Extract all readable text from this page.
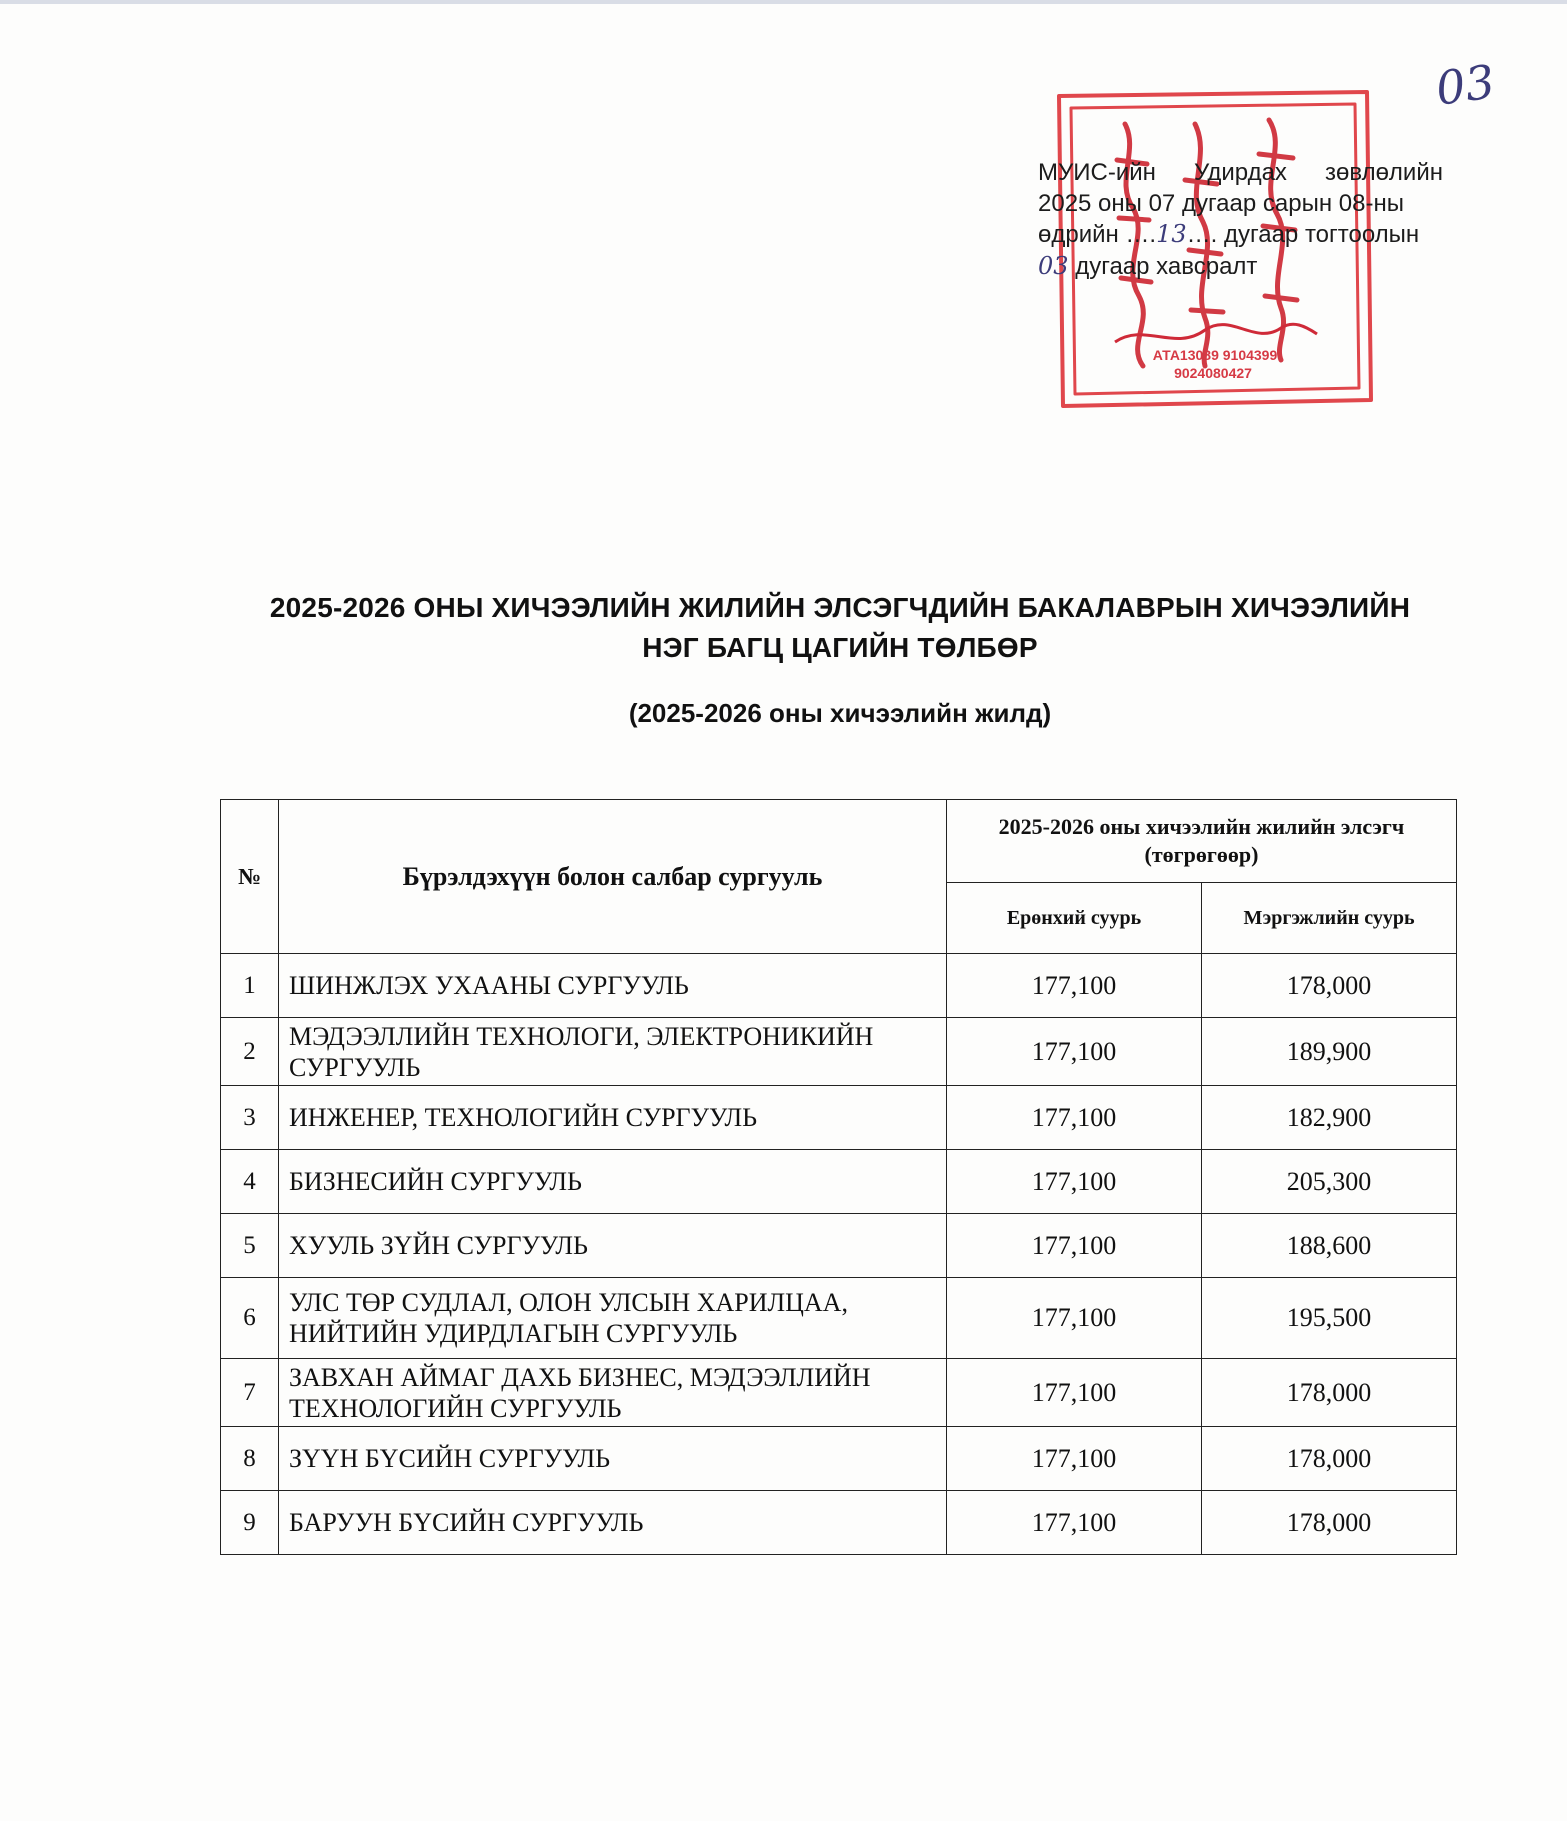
03
АТА13089 9104399
9024080427
МУИС-ийн Удирдах зөвлөлийн
2025 оны 07 дугаар сарын 08-ны
өдрийн ….13…. дугаар тогтоолын
03 дугаар хавсралт
2025-2026 ОНЫ ХИЧЭЭЛИЙН ЖИЛИЙН ЭЛСЭГЧДИЙН БАКАЛАВРЫН ХИЧЭЭЛИЙН
НЭГ БАГЦ ЦАГИЙН ТӨЛБӨР

(2025-2026 оны хичээлийн жилд)

№	Бүрэлдэхүүн болон салбар сургууль	2025-2026 оны хичээлийн жилийн элсэгч (төгрөгөөр)	
		Ерөнхий суурь	Мэргэжлийн суурь
1	ШИНЖЛЭХ УХААНЫ СУРГУУЛЬ	177,100	178,000
2	МЭДЭЭЛЛИЙН ТЕХНОЛОГИ, ЭЛЕКТРОНИКИЙН СУРГУУЛЬ	177,100	189,900
3	ИНЖЕНЕР, ТЕХНОЛОГИЙН СУРГУУЛЬ	177,100	182,900
4	БИЗНЕСИЙН СУРГУУЛЬ	177,100	205,300
5	ХУУЛЬ ЗҮЙН СУРГУУЛЬ	177,100	188,600
6	УЛС ТӨР СУДЛАЛ, ОЛОН УЛСЫН ХАРИЛЦАА, НИЙТИЙН УДИРДЛАГЫН СУРГУУЛЬ	177,100	195,500
7	ЗАВХАН АЙМАГ ДАХЬ БИЗНЕС, МЭДЭЭЛЛИЙН ТЕХНОЛОГИЙН СУРГУУЛЬ	177,100	178,000
8	ЗҮҮН БҮСИЙН СУРГУУЛЬ	177,100	178,000
9	БАРУУН БҮСИЙН СУРГУУЛЬ	177,100	178,000
